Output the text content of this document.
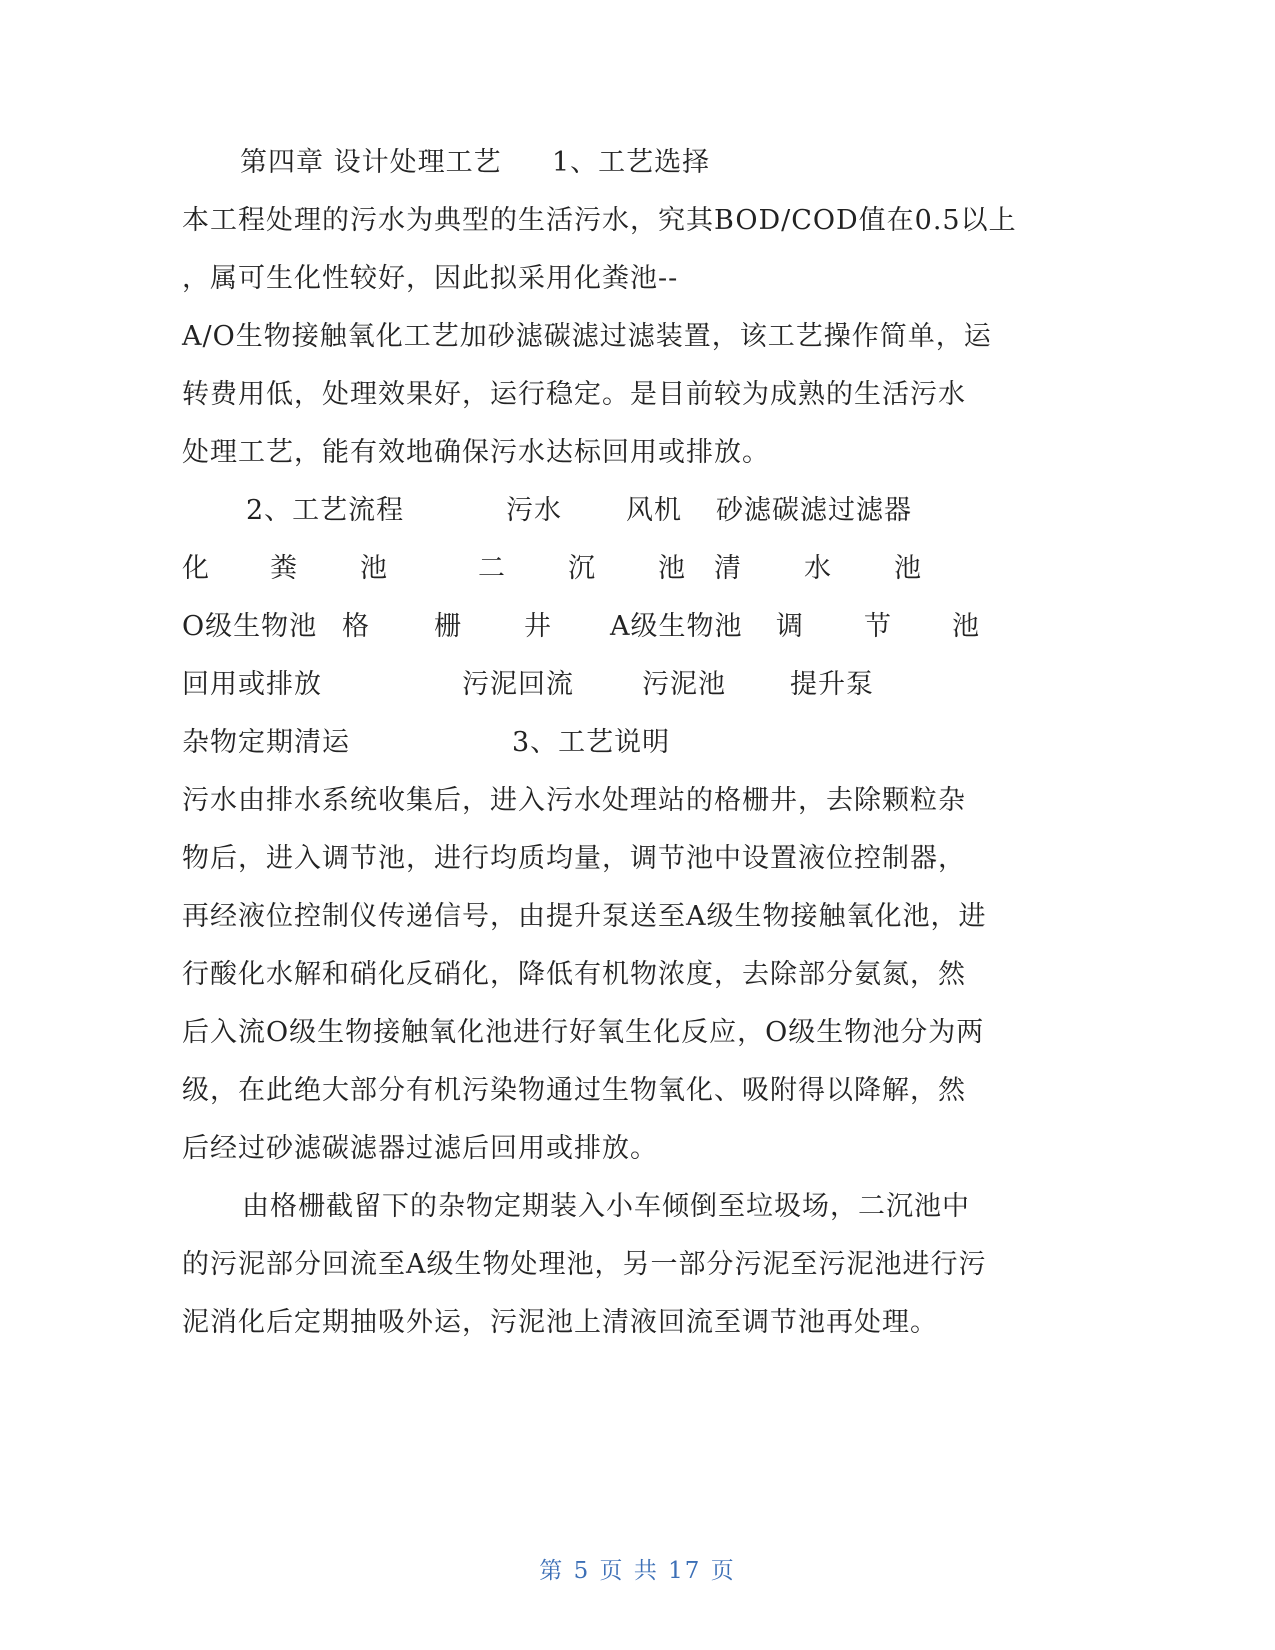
第四章 设计处理工艺

1、工艺选择

本工程处理的污水为典型的生活污水，究其BOD/COD值在0.5以上
，属可生化性较好，因此拟采用化粪池--
A/O生物接触氧化工艺加砂滤碳滤过滤装置，该工艺操作简单，运
转费用低，处理效果好，运行稳定。是目前较为成熟的生活污水
处理工艺，能有效地确保污水达标回用或排放。

2、工艺流程

	污水

风机

砂滤碳滤过滤器

化

粪

池

	二

沉

池

清

水

池

O级生物池

格

栅

井

A级生物池

调

节

池

回用或排放

	污泥回流

	污泥池

提升泵

杂物定期清运

	3、工艺说明

污水由排水系统收集后，进入污水处理站的格栅井，去除颗粒杂
物后，进入调节池，进行均质均量，调节池中设置液位控制器，
再经液位控制仪传递信号，由提升泵送至A级生物接触氧化池，进
行酸化水解和硝化反硝化，降低有机物浓度，去除部分氨氮，然
后入流O级生物接触氧化池进行好氧生化反应，O级生物池分为两
级，在此绝大部分有机污染物通过生物氧化、吸附得以降解，然
后经过砂滤碳滤器过滤后回用或排放。
由格栅截留下的杂物定期装入小车倾倒至垃圾场，二沉池中
的污泥部分回流至A级生物处理池，另一部分污泥至污泥池进行污
泥消化后定期抽吸外运，污泥池上清液回流至调节池再处理。
第 5 页 共 17 页
